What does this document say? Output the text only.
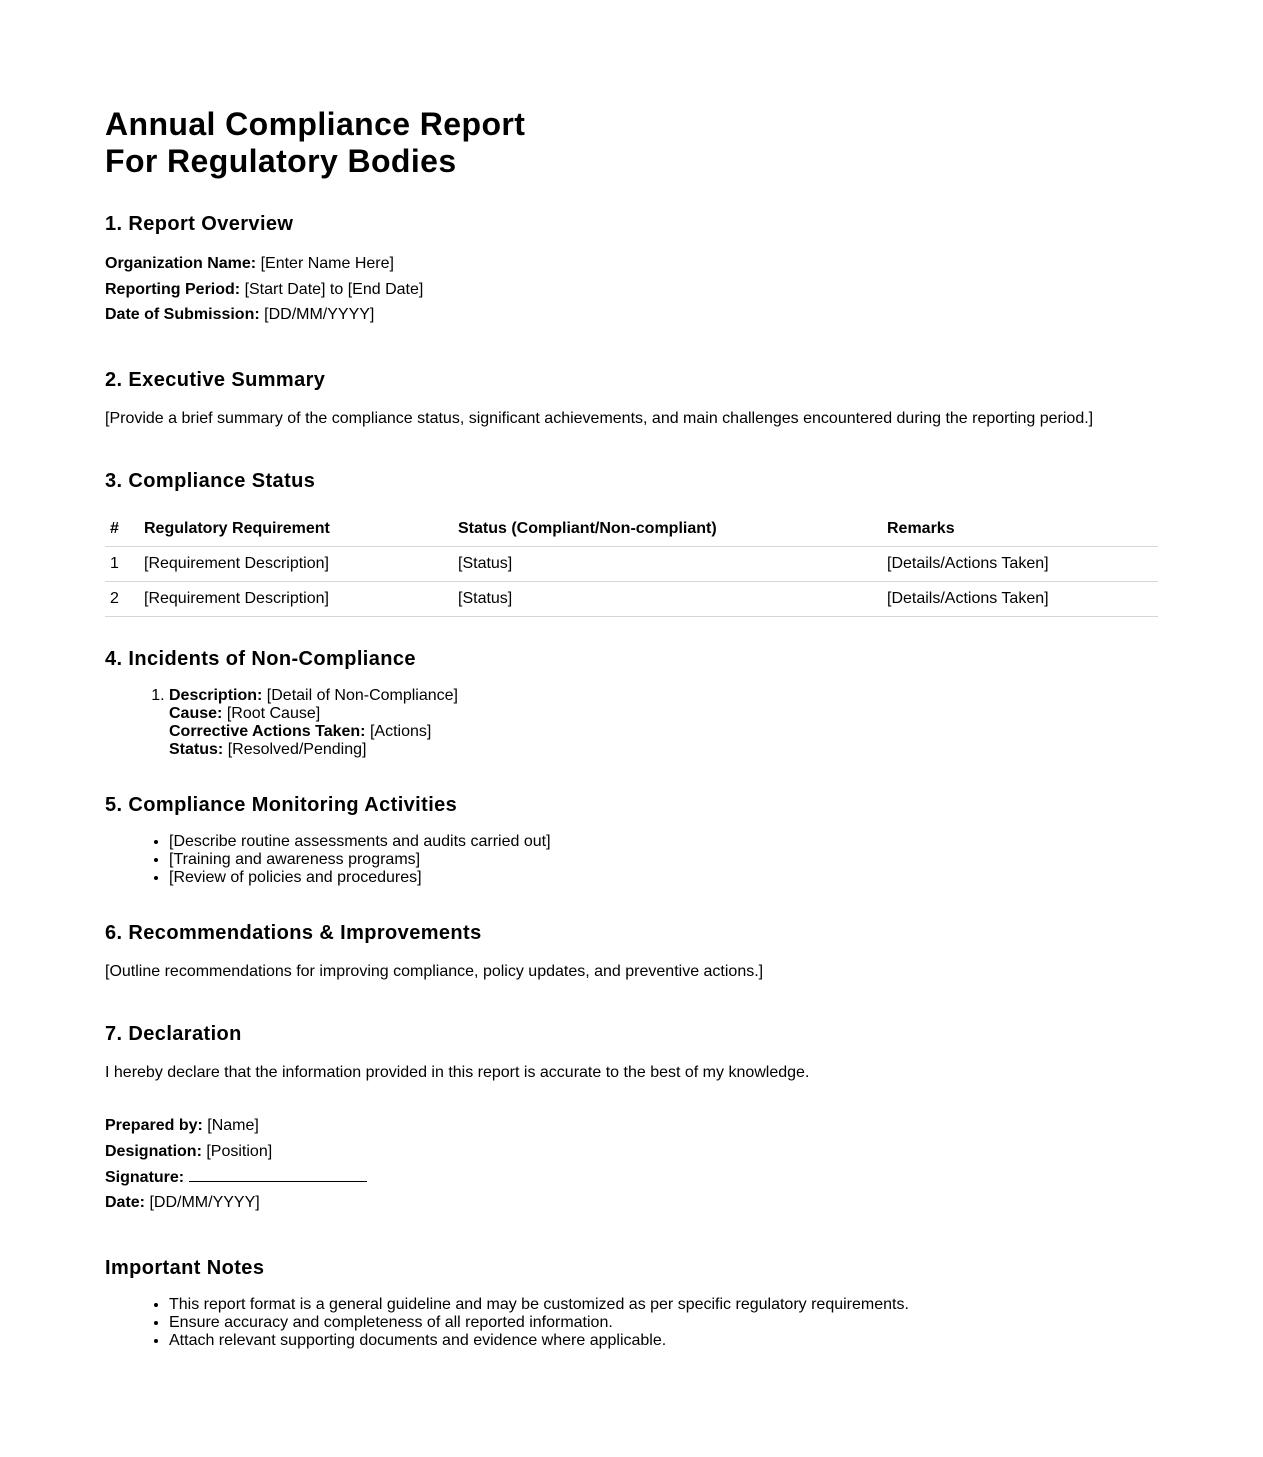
Annual Compliance Report
For Regulatory Bodies
1. Report Overview

Organization Name: [Enter Name Here]

Reporting Period: [Start Date] to [End Date]

Date of Submission: [DD/MM/YYYY]

2. Executive Summary

[Provide a brief summary of the compliance status, significant achievements, and main challenges encountered during the reporting period.]

3. Compliance Status
#	Regulatory Requirement	Status (Compliant/Non-compliant)	Remarks
1	[Requirement Description]	[Status]	[Details/Actions Taken]
2	[Requirement Description]	[Status]	[Details/Actions Taken]
4. Incidents of Non-Compliance
1. Description: [Detail of Non-Compliance]
Cause: [Root Cause]
Corrective Actions Taken: [Actions]
Status: [Resolved/Pending]
5. Compliance Monitoring Activities
• [Describe routine assessments and audits carried out]
• [Training and awareness programs]
• [Review of policies and procedures]
6. Recommendations & Improvements

[Outline recommendations for improving compliance, policy updates, and preventive actions.]

7. Declaration

I hereby declare that the information provided in this report is accurate to the best of my knowledge.

Prepared by: [Name]

Designation: [Position]

Signature:

Date: [DD/MM/YYYY]

Important Notes
• This report format is a general guideline and may be customized as per specific regulatory requirements.
• Ensure accuracy and completeness of all reported information.
• Attach relevant supporting documents and evidence where applicable.
